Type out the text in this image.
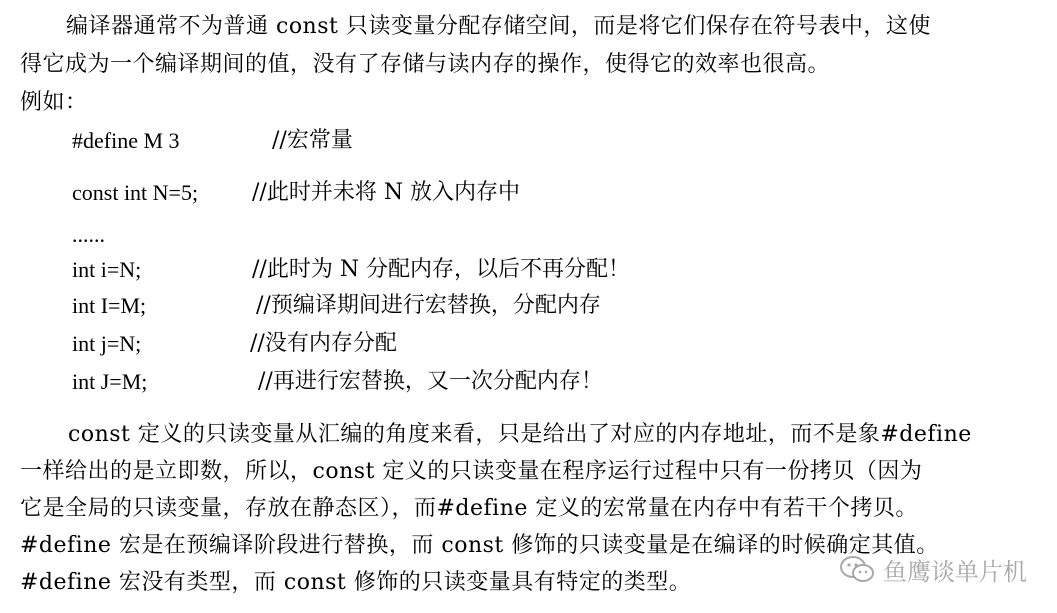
编译器通常不为普通 const 只读变量分配存储空间，而是将它们保存在符号表中，这使
得它成为一个编译期间的值，没有了存储与读内存的操作，使得它的效率也很高。
例如：
#define M 3	//宏常量
const int N=5; //此时并未将 N 放入内存中
......
int i=N;	//此时为 N 分配内存，以后不再分配！
int I=M;	//预编译期间进行宏替换，分配内存
int j=N;	//没有内存分配
int J=M;	//再进行宏替换，又一次分配内存！
const 定义的只读变量从汇编的角度来看，只是给出了对应的内存地址，而不是象#define
一样给出的是立即数，所以，const 定义的只读变量在程序运行过程中只有一份拷贝（因为
它是全局的只读变量，存放在静态区），而#define 定义的宏常量在内存中有若干个拷贝。
#define 宏是在预编译阶段进行替换，而 const 修饰的只读变量是在编译的时候确定其值。
#define 宏没有类型，而 const 修饰的只读变量具有特定的类型。	鱼鹰谈单片机
